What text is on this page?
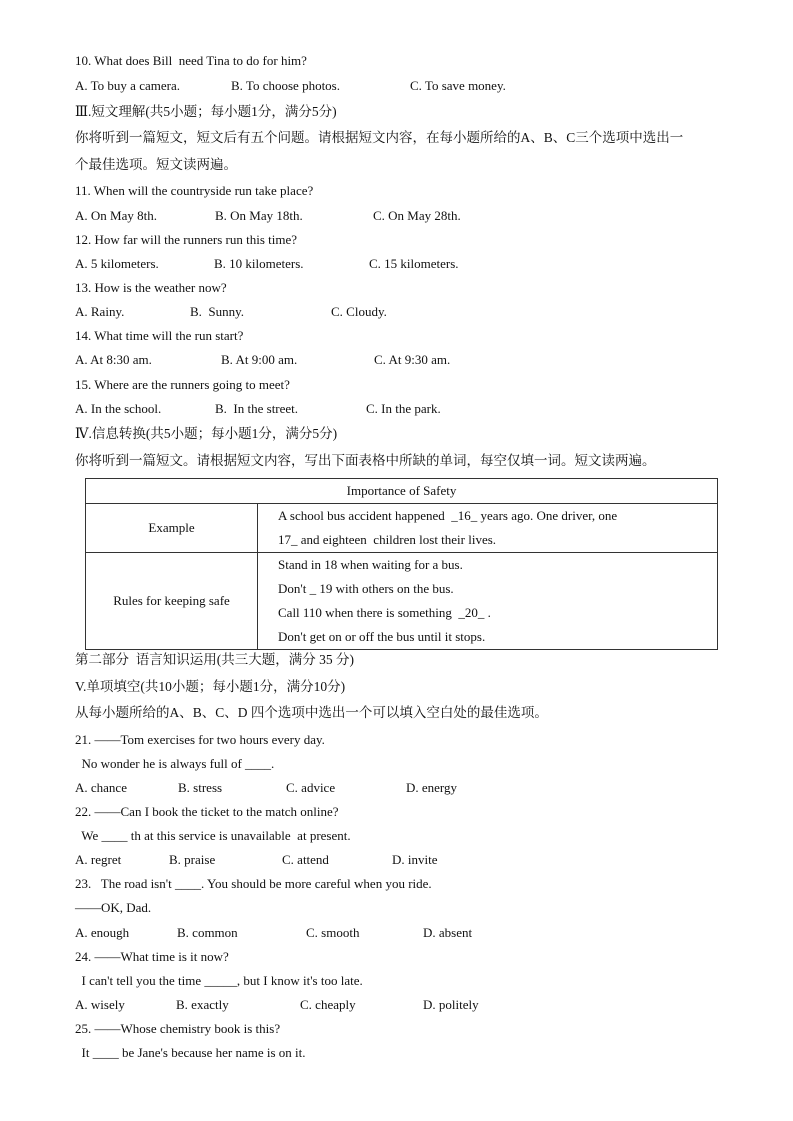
10. What does Bill  need Tina to do for him?
A. To buy a camera.	B. To choose photos.	C. To save money.
Ⅲ.短文理解(共5小题；每小题1分，满分5分)
你将听到一篇短文，短文后有五个问题。请根据短文内容，在每小题所给的A、B、C三个选项中选出一
个最佳选项。短文读两遍。
11. When will the countryside run take place?
A. On May 8th.	B. On May 18th.	C. On May 28th.
12. How far will the runners run this time?
A. 5 kilometers.	B. 10 kilometers.	C. 15 kilometers.
13. How is the weather now?
A. Rainy.	B.  Sunny.	C. Cloudy.
14. What time will the run start?
A. At 8:30 am.	B. At 9:00 am.	C. At 9:30 am.
15. Where are the runners going to meet?
A. In the school.	B.  In the street.	C. In the park.
Ⅳ.信息转换(共5小题；每小题1分，满分5分)
你将听到一篇短文。请根据短文内容，写出下面表格中所缺的单词，每空仅填一词。短文读两遍。
Importance of Safety	
Example	A school bus accident happened  _16_ years ago. One driver, one
17_ and eighteen  children lost their lives.

Rules for keeping safe	Stand in 18 when waiting for a bus.
Don't _ 19 with others on the bus.
Call 110 when there is something  _20_ .
Don't get on or off the bus until it stops.
第二部分  语言知识运用(共三大题，满分 35 分)
V.单项填空(共10小题；每小题1分，满分10分)
从每小题所给的A、B、C、D 四个选项中选出一个可以填入空白处的最佳选项。
21. ——Tom exercises for two hours every day.
No wonder he is always full of ____.
A. chance	B. stress	C. advice	D. energy
22. ——Can I book the ticket to the match online?
We ____ th at this service is unavailable  at present.
A. regret	B. praise	C. attend	D. invite
23.   The road isn't ____. You should be more careful when you ride.
——OK, Dad.
A. enough	B. common	C. smooth	D. absent
24. ——What time is it now?
I can't tell you the time _____, but I know it's too late.
A. wisely	B. exactly	C. cheaply	D. politely
25. ——Whose chemistry book is this?
It ____ be Jane's because her name is on it.
